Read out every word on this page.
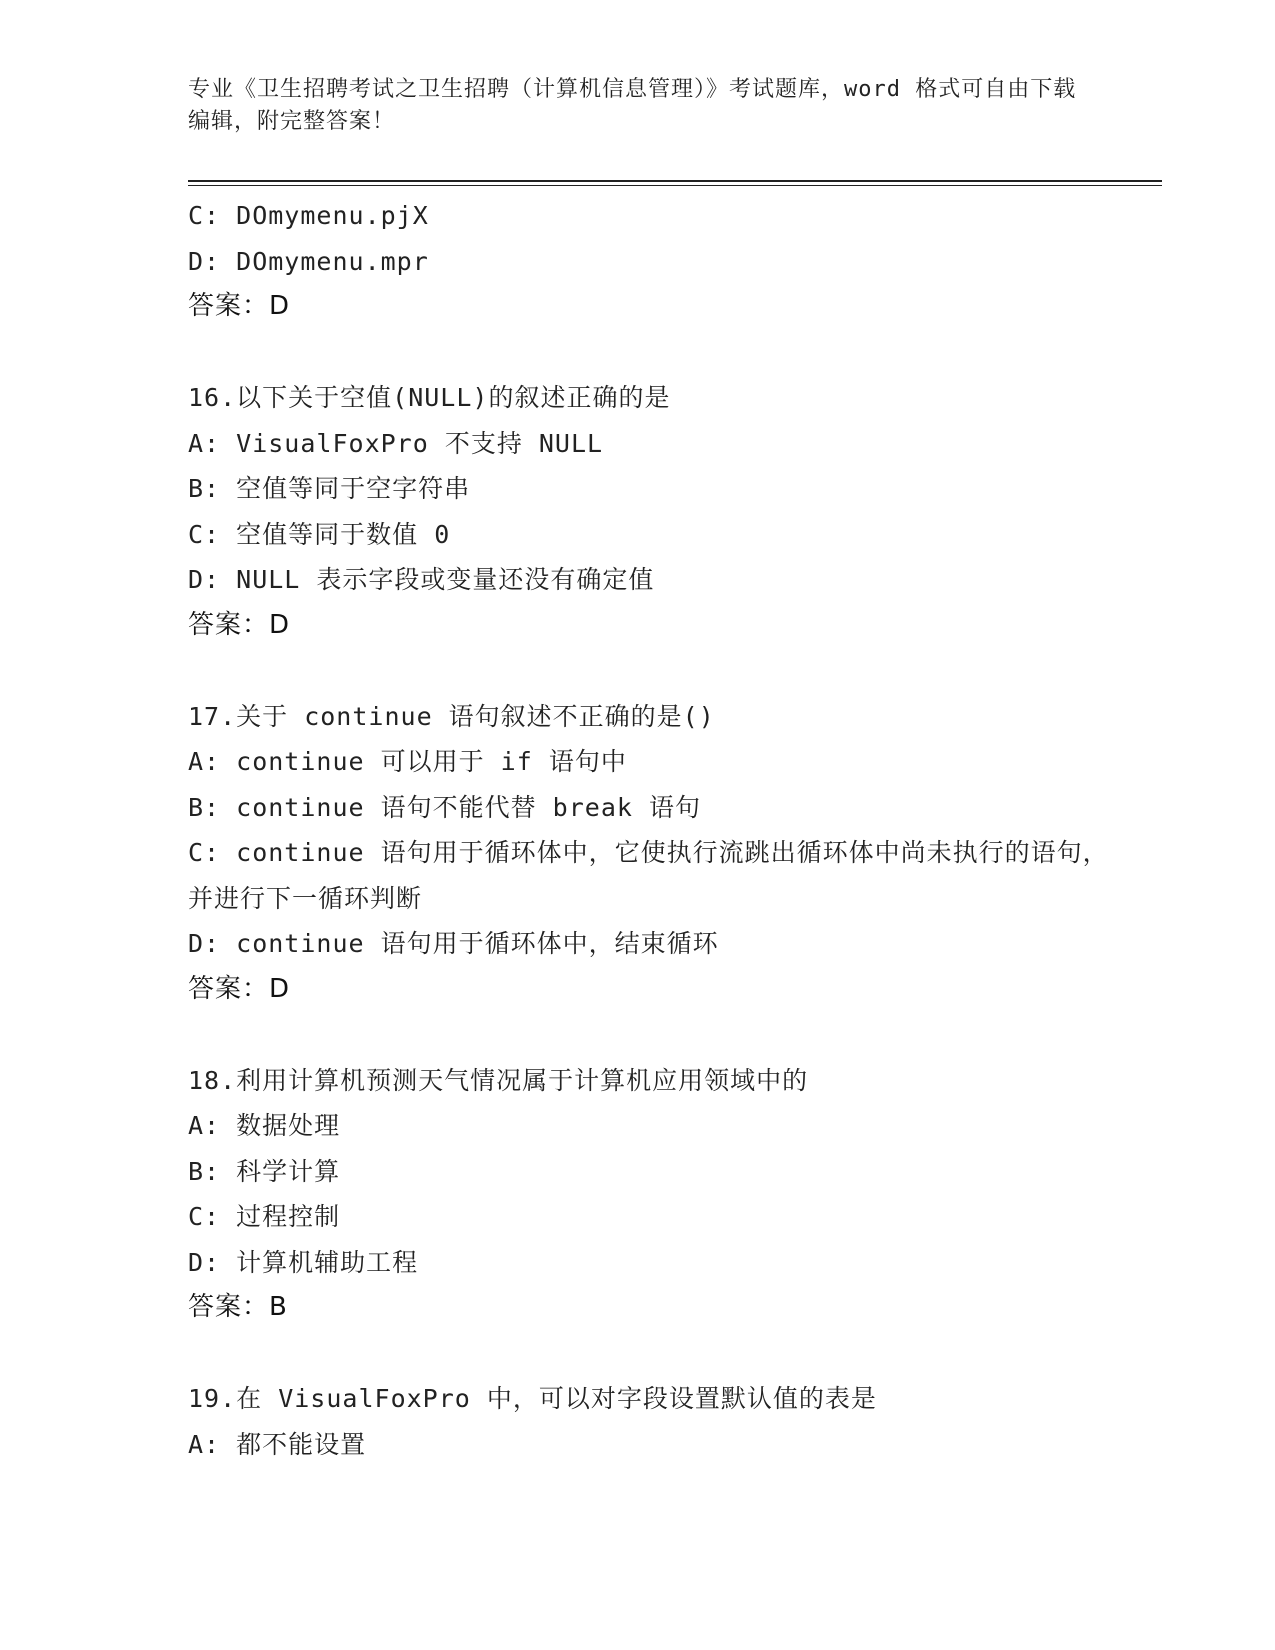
专业《卫生招聘考试之卫生招聘（计算机信息管理）》考试题库，word 格式可自由下载编辑，附完整答案！
C: DOmymenu.pjX
D: DOmymenu.mpr
答案：D
16.以下关于空值(NULL)的叙述正确的是
A: VisualFoxPro 不支持 NULL
B: 空值等同于空字符串
C: 空值等同于数值 0
D: NULL 表示字段或变量还没有确定值
答案：D
17.关于 continue 语句叙述不正确的是()
A: continue 可以用于 if 语句中
B: continue 语句不能代替 break 语句
C: continue 语句用于循环体中，它使执行流跳出循环体中尚未执行的语句，并进行下一循环判断
D: continue 语句用于循环体中，结束循环
答案：D
18.利用计算机预测天气情况属于计算机应用领域中的
A: 数据处理
B: 科学计算
C: 过程控制
D: 计算机辅助工程
答案：B
19.在 VisualFoxPro 中，可以对字段设置默认值的表是
A: 都不能设置
